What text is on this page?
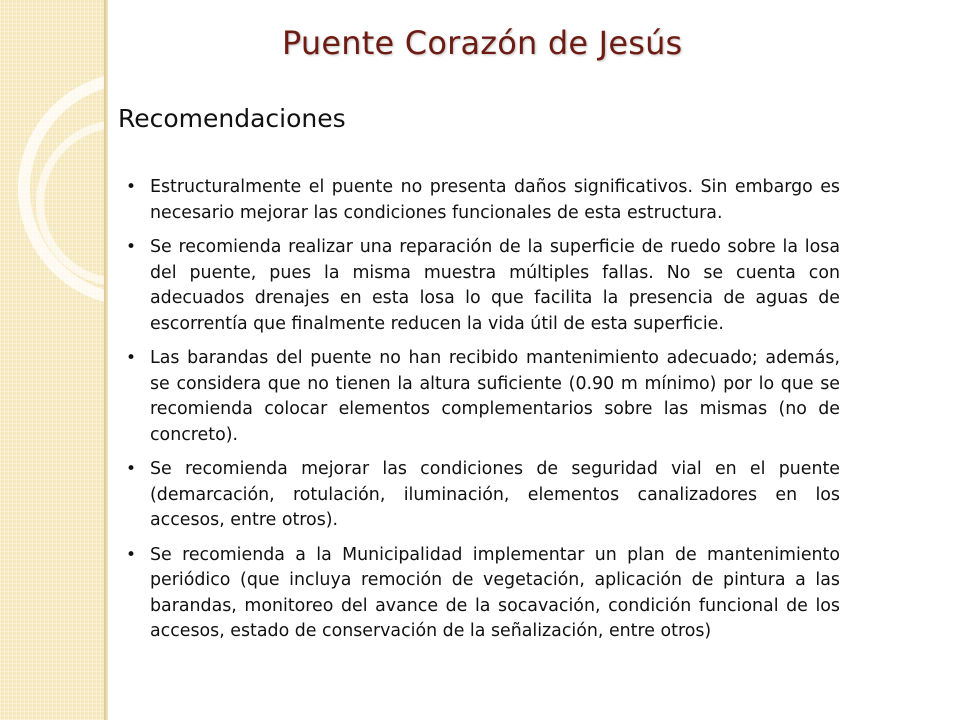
Puente Corazón de Jesús
Recomendaciones
• Estructuralmente el puente no presenta daños significativos. Sin embargo es necesario mejorar las condiciones funcionales de esta estructura.
• Se recomienda realizar una reparación de la superficie de ruedo sobre la losa del puente, pues la misma muestra múltiples fallas. No se cuenta con adecuados drenajes en esta losa lo que facilita la presencia de aguas de escorrentía que finalmente reducen la vida útil de esta superficie.
• Las barandas del puente no han recibido mantenimiento adecuado; además, se considera que no tienen la altura suficiente (0.90 m mínimo) por lo que se recomienda colocar elementos complementarios sobre las mismas (no de concreto).
• Se recomienda mejorar las condiciones de seguridad vial en el puente (demarcación, rotulación, iluminación, elementos canalizadores en los accesos, entre otros).
• Se recomienda a la Municipalidad implementar un plan de mantenimiento periódico (que incluya remoción de vegetación, aplicación de pintura a las barandas, monitoreo del avance de la socavación, condición funcional de los accesos, estado de conservación de la señalización, entre otros)
